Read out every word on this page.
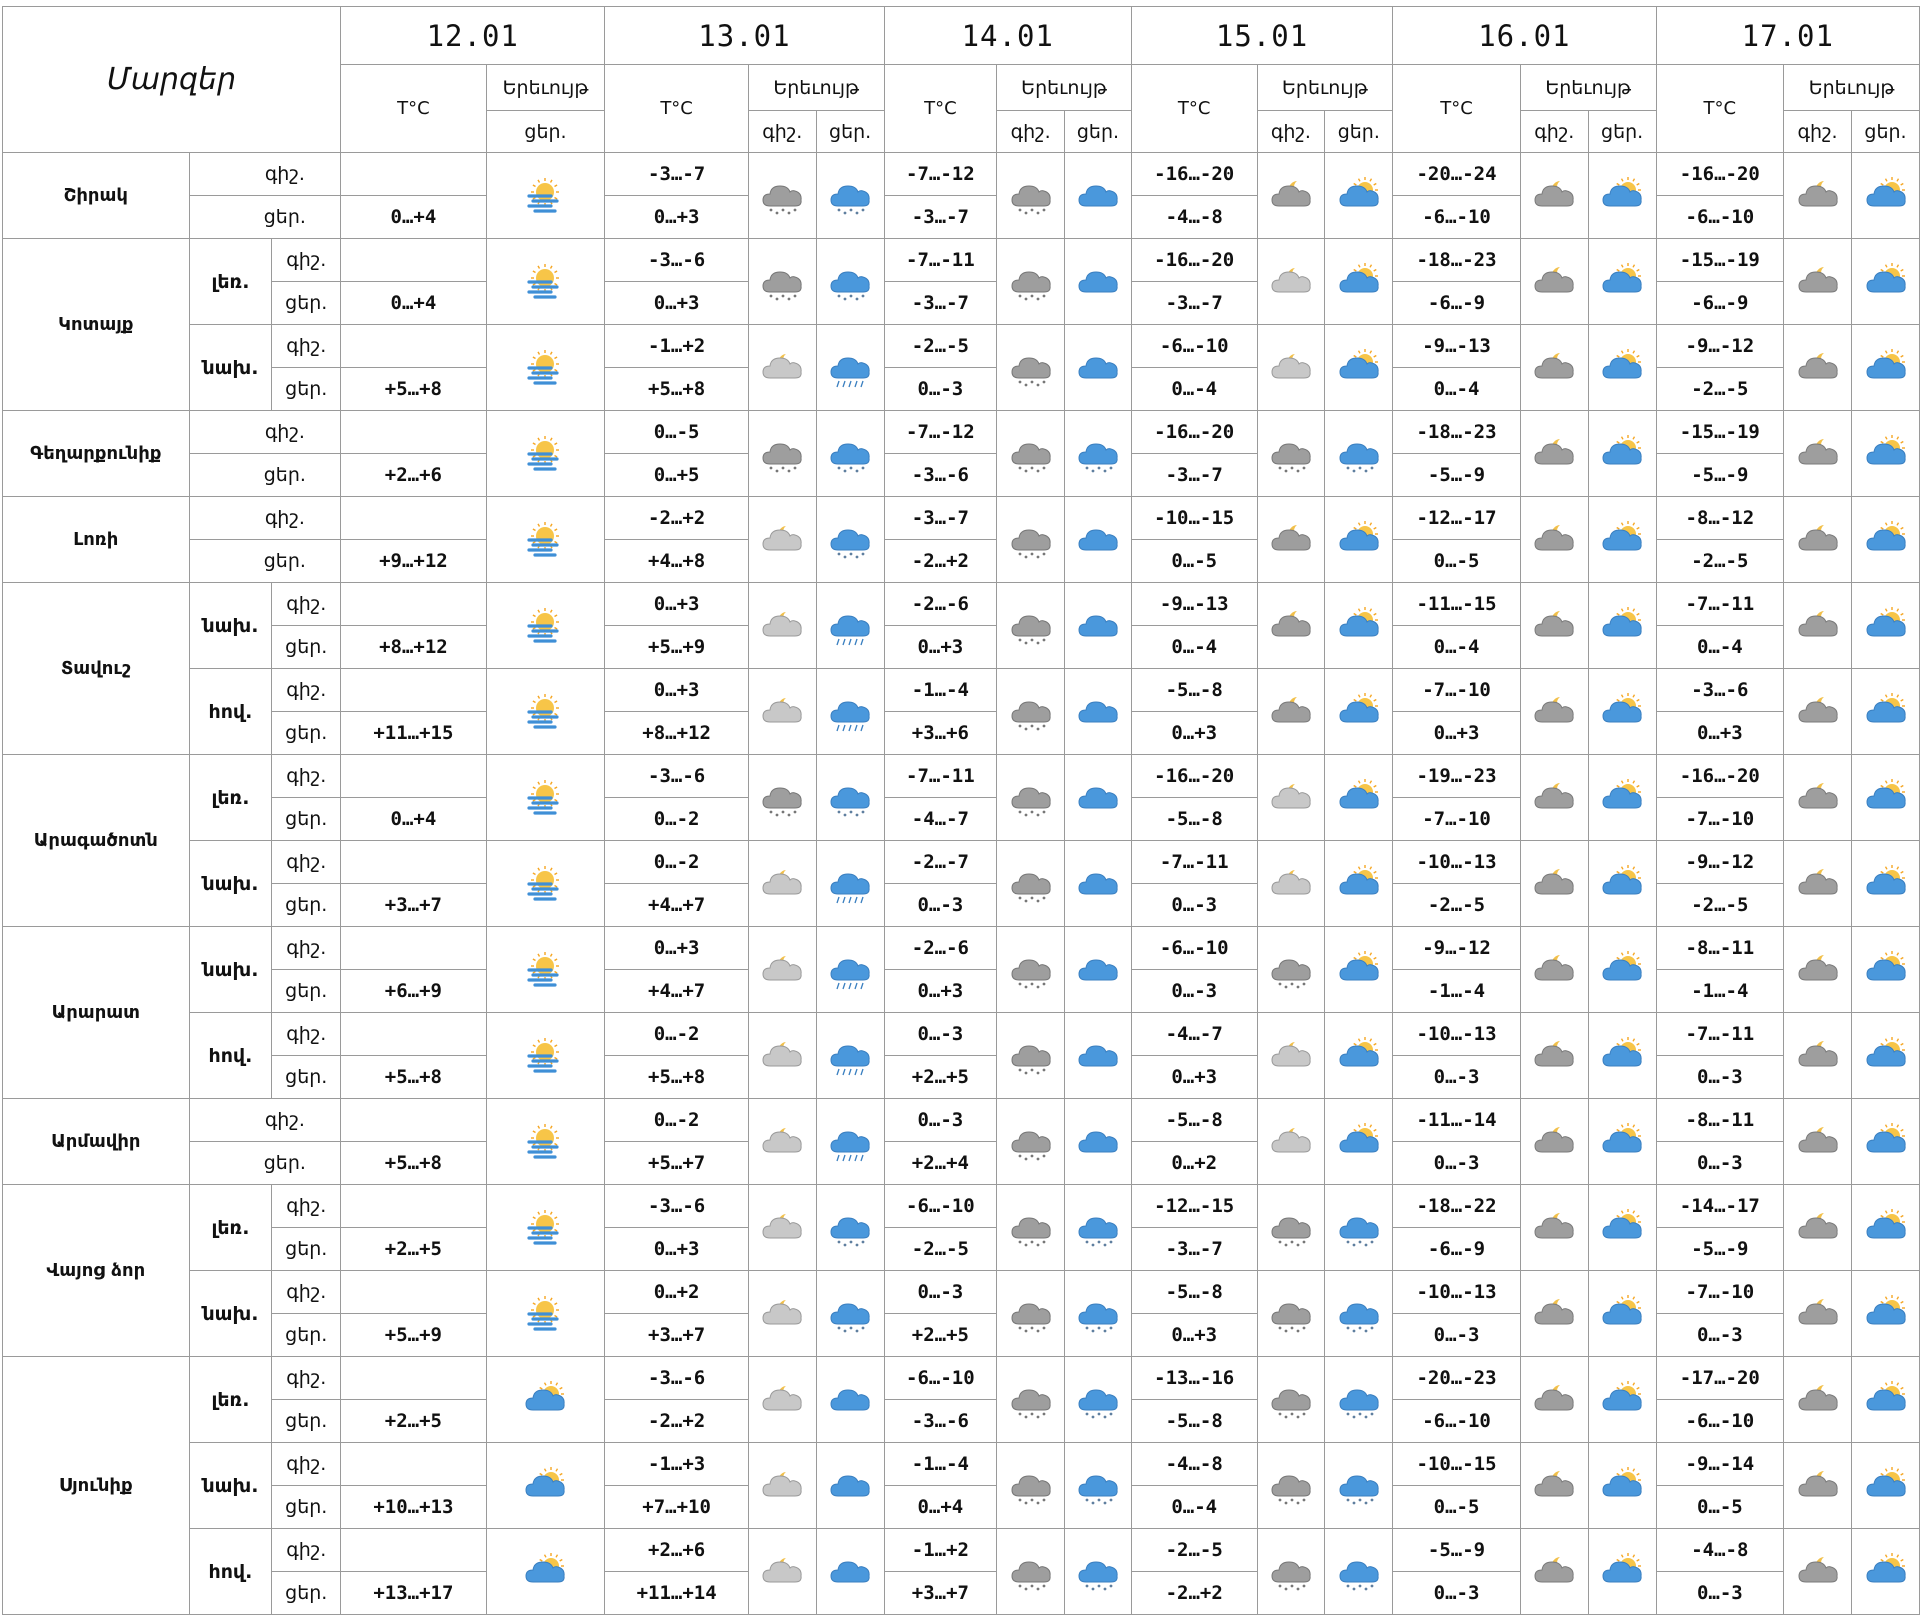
Մարզեր			12.01		13.01			14.01			15.01			16.01			17.01		
			T°C	Երեւույթ	T°C	Երեւույթ		T°C	Երեւույթ		T°C	Երեւույթ		T°C	Երեւույթ		T°C	Երեւույթ	
				ցեր.		գիշ.	ցեր.		գիշ.	ցեր.		գիշ.	ցեր.		գիշ.	ցեր.		գիշ.	ցեր.
Շիրակ	գիշ.				-3…-7			-7…-12			-16…-20			-20…-24			-16…-20	

	ցեր.		0…+4		0…+3			-3…-7			-4…-8			-6…-10			-6…-10		
Կոտայք	լեռ.	գիշ.			-3…-6			-7…-11			-16…-20			-18…-23			-15…-19	

		ցեր.	0…+4		0…+3			-3…-7			-3…-7			-6…-9			-6…-9		
	նախ.	գիշ.			-1…+2			-2…-5			-6…-10			-9…-13			-9…-12	

		ցեր.	+5…+8		+5…+8			0…-3			0…-4			0…-4			-2…-5		
Գեղարքունիք	գիշ.				0…-5			-7…-12			-16…-20			-18…-23			-15…-19	

	ցեր.		+2…+6		0…+5			-3…-6			-3…-7			-5…-9			-5…-9		
Լոռի	գիշ.				-2…+2			-3…-7			-10…-15			-12…-17			-8…-12	

	ցեր.		+9…+12		+4…+8			-2…+2			0…-5			0…-5			-2…-5		
Տավուշ	նախ.	գիշ.			0…+3			-2…-6			-9…-13			-11…-15			-7…-11	

		ցեր.	+8…+12		+5…+9			0…+3			0…-4			0…-4			0…-4		
	հով.	գիշ.			0…+3			-1…-4			-5…-8			-7…-10			-3…-6	

		ցեր.	+11…+15		+8…+12			+3…+6			0…+3			0…+3			0…+3		
Արագածոտն	լեռ.	գիշ.			-3…-6			-7…-11			-16…-20			-19…-23			-16…-20	

		ցեր.	0…+4		0…-2			-4…-7			-5…-8			-7…-10			-7…-10		
	նախ.	գիշ.			0…-2			-2…-7			-7…-11			-10…-13			-9…-12	

		ցեր.	+3…+7		+4…+7			0…-3			0…-3			-2…-5			-2…-5		
Արարատ	նախ.	գիշ.			0…+3			-2…-6			-6…-10			-9…-12			-8…-11	

		ցեր.	+6…+9		+4…+7			0…+3			0…-3			-1…-4			-1…-4		
	հով.	գիշ.			0…-2			0…-3			-4…-7			-10…-13			-7…-11	

		ցեր.	+5…+8		+5…+8			+2…+5			0…+3			0…-3			0…-3		
Արմավիր	գիշ.				0…-2			0…-3			-5…-8			-11…-14			-8…-11	

	ցեր.		+5…+8		+5…+7			+2…+4			0…+2			0…-3			0…-3		
Վայոց ձոր	լեռ.	գիշ.			-3…-6			-6…-10			-12…-15			-18…-22			-14…-17	

		ցեր.	+2…+5		0…+3			-2…-5			-3…-7			-6…-9			-5…-9		
	նախ.	գիշ.			0…+2			0…-3			-5…-8			-10…-13			-7…-10	

		ցեր.	+5…+9		+3…+7			+2…+5			0…+3			0…-3			0…-3		
Սյունիք	լեռ.	գիշ.			-3…-6			-6…-10			-13…-16			-20…-23			-17…-20	

		ցեր.	+2…+5		-2…+2			-3…-6			-5…-8			-6…-10			-6…-10		
	նախ.	գիշ.			-1…+3			-1…-4			-4…-8			-10…-15			-9…-14	

		ցեր.	+10…+13		+7…+10			0…+4			0…-4			0…-5			0…-5		
	հով.	գիշ.			+2…+6			-1…+2			-2…-5			-5…-9			-4…-8	

		ցեր.	+13…+17		+11…+14			+3…+7			-2…+2			0…-3			0…-3		
